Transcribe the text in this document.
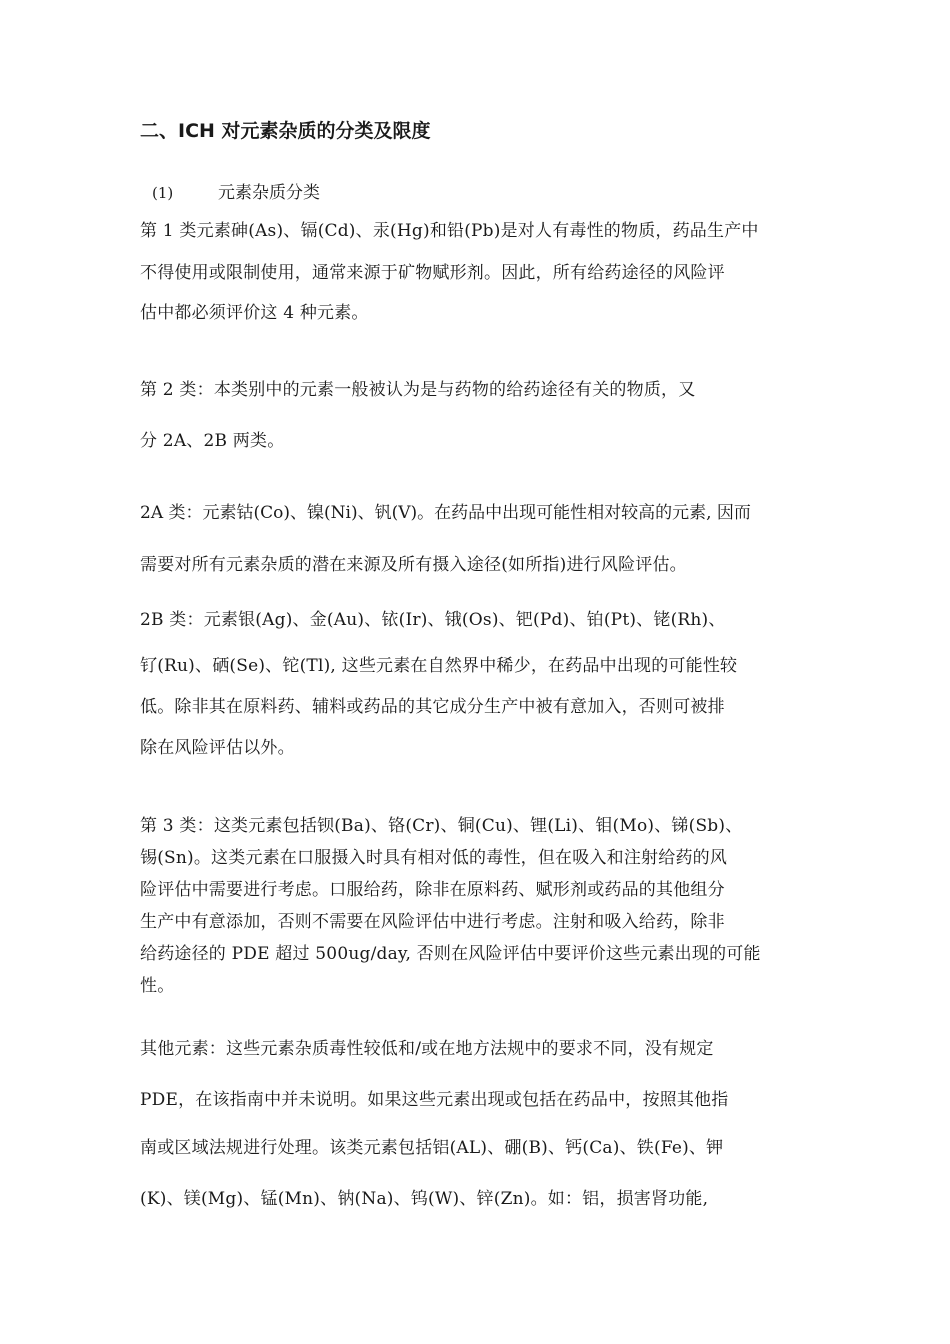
二、ICH 对元素杂质的分类及限度
(1)	元素杂质分类
第 1 类元素砷(As)、镉(Cd)、汞(Hg)和铅(Pb)是对人有毒性的物质，药品生产中
不得使用或限制使用，通常来源于矿物赋形剂。因此，所有给药途径的风险评
估中都必须评价这 4 种元素。
第 2 类：本类别中的元素一般被认为是与药物的给药途径有关的物质，又
分 2A、2B 两类。
2A 类：元素钴(Co)、镍(Ni)、钒(V)。在药品中出现可能性相对较高的元素, 因而
需要对所有元素杂质的潜在来源及所有摄入途径(如所指)进行风险评估。
2B 类：元素银(Ag)、金(Au)、铱(Ir)、锇(Os)、钯(Pd)、铂(Pt)、铑(Rh)、
钌(Ru)、硒(Se)、铊(Tl), 这些元素在自然界中稀少，在药品中出现的可能性较
低。除非其在原料药、辅料或药品的其它成分生产中被有意加入，否则可被排
除在风险评估以外。
第 3 类：这类元素包括钡(Ba)、铬(Cr)、铜(Cu)、锂(Li)、钼(Mo)、锑(Sb)、
锡(Sn)。这类元素在口服摄入时具有相对低的毒性，但在吸入和注射给药的风
险评估中需要进行考虑。口服给药，除非在原料药、赋形剂或药品的其他组分
生产中有意添加，否则不需要在风险评估中进行考虑。注射和吸入给药，除非
给药途径的 PDE 超过 500ug/day, 否则在风险评估中要评价这些元素出现的可能
性。
其他元素：这些元素杂质毒性较低和/或在地方法规中的要求不同，没有规定
PDE，在该指南中并未说明。如果这些元素出现或包括在药品中，按照其他指
南或区域法规进行处理。该类元素包括铝(AL)、硼(B)、钙(Ca)、铁(Fe)、钾
(K)、镁(Mg)、锰(Mn)、钠(Na)、钨(W)、锌(Zn)。如：铝，损害肾功能,
